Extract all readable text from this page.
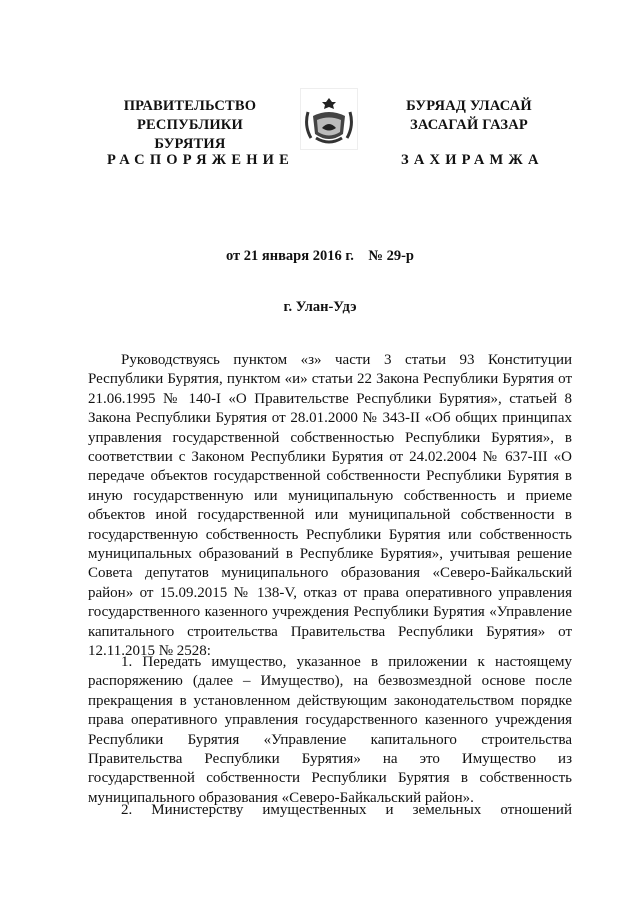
ПРАВИТЕЛЬСТВО
РЕСПУБЛИКИ БУРЯТИЯ
БУРЯАД УЛАСАЙ
ЗАСАГАЙ ГАЗАР
РАСПОРЯЖЕНИЕ	ЗАХИРАМЖА
от 21 января 2016 г.    № 29-р
г. Улан-Удэ
Руководствуясь пунктом «з» части 3 статьи 93 Конституции Республики Бурятия, пунктом «и» статьи 22 Закона Республики Бурятия от 21.06.1995 № 140-I «О Правительстве Республики Бурятия», статьей 8 Закона Республики Бурятия от 28.01.2000 № 343-II «Об общих принципах управления государственной собственностью Республики Бурятия», в соответствии с Законом Республики Бурятия от 24.02.2004 № 637-III «О передаче объектов государственной собственности Республики Бурятия в иную государственную или муниципальную собственность и приеме объектов иной государственной или муниципальной собственности в государственную собственность Республики Бурятия или собственность муниципальных образований в Республике Бурятия», учитывая решение Совета депутатов муниципального образования «Северо-Байкальский район» от 15.09.2015 № 138-V, отказ от права оперативного управления государственного казенного учреждения Республики Бурятия «Управление капитального строительства Правительства Республики Бурятия» от 12.11.2015 № 2528:
1. Передать имущество, указанное в приложении к настоящему распоряжению (далее – Имущество), на безвозмездной основе после прекращения в установленном действующим законодательством порядке права оперативного управления государственного казенного учреждения Республики Бурятия «Управление капитального строительства Правительства Республики Бурятия» на это Имущество из государственной собственности Республики Бурятия в собственность муниципального образования «Северо-Байкальский район».
2. Министерству имущественных и земельных отношений
